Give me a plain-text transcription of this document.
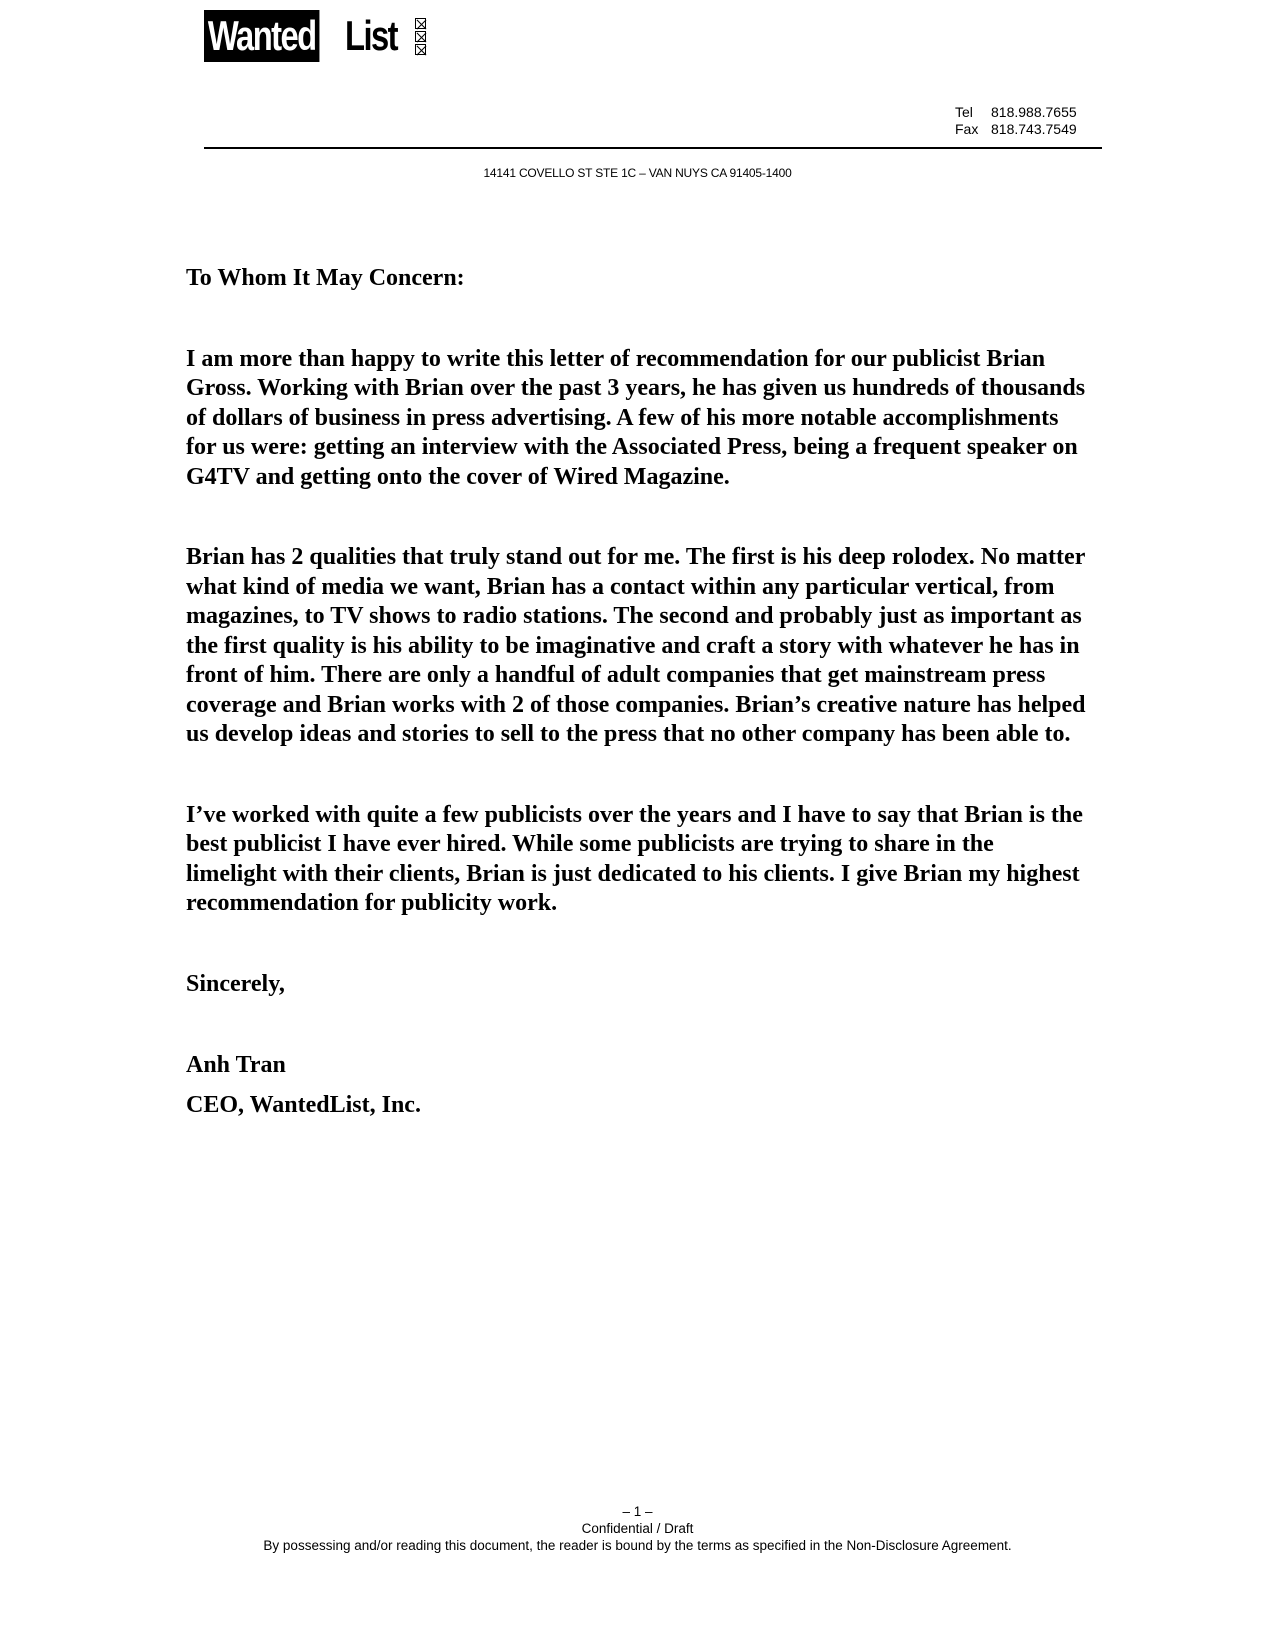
Wanted List
Tel	818.988.7655
Fax 818.743.7549
14141 COVELLO ST STE 1C – VAN NUYS CA 91405-1400

To Whom It May Concern:

I am more than happy to write this letter of recommendation for our publicist Brian Gross. Working with Brian over the past 3 years, he has given us hundreds of thousands of dollars of business in press advertising. A few of his more notable accomplishments for us were: getting an interview with the Associated Press, being a frequent speaker on G4TV and getting onto the cover of Wired Magazine.

Brian has 2 qualities that truly stand out for me. The first is his deep rolodex. No matter what kind of media we want, Brian has a contact within any particular vertical, from magazines, to TV shows to radio stations. The second and probably just as important as the first quality is his ability to be imaginative and craft a story with whatever he has in front of him. There are only a handful of adult companies that get mainstream press coverage and Brian works with 2 of those companies. Brian’s creative nature has helped us develop ideas and stories to sell to the press that no other company has been able to.

I’ve worked with quite a few publicists over the years and I have to say that Brian is the best publicist I have ever hired. While some publicists are trying to share in the limelight with their clients, Brian is just dedicated to his clients. I give Brian my highest recommendation for publicity work.

Sincerely,

Anh Tran

CEO, WantedList, Inc.

– 1 –
Confidential / Draft
By possessing and/or reading this document, the reader is bound by the terms as specified in the Non-Disclosure Agreement.
